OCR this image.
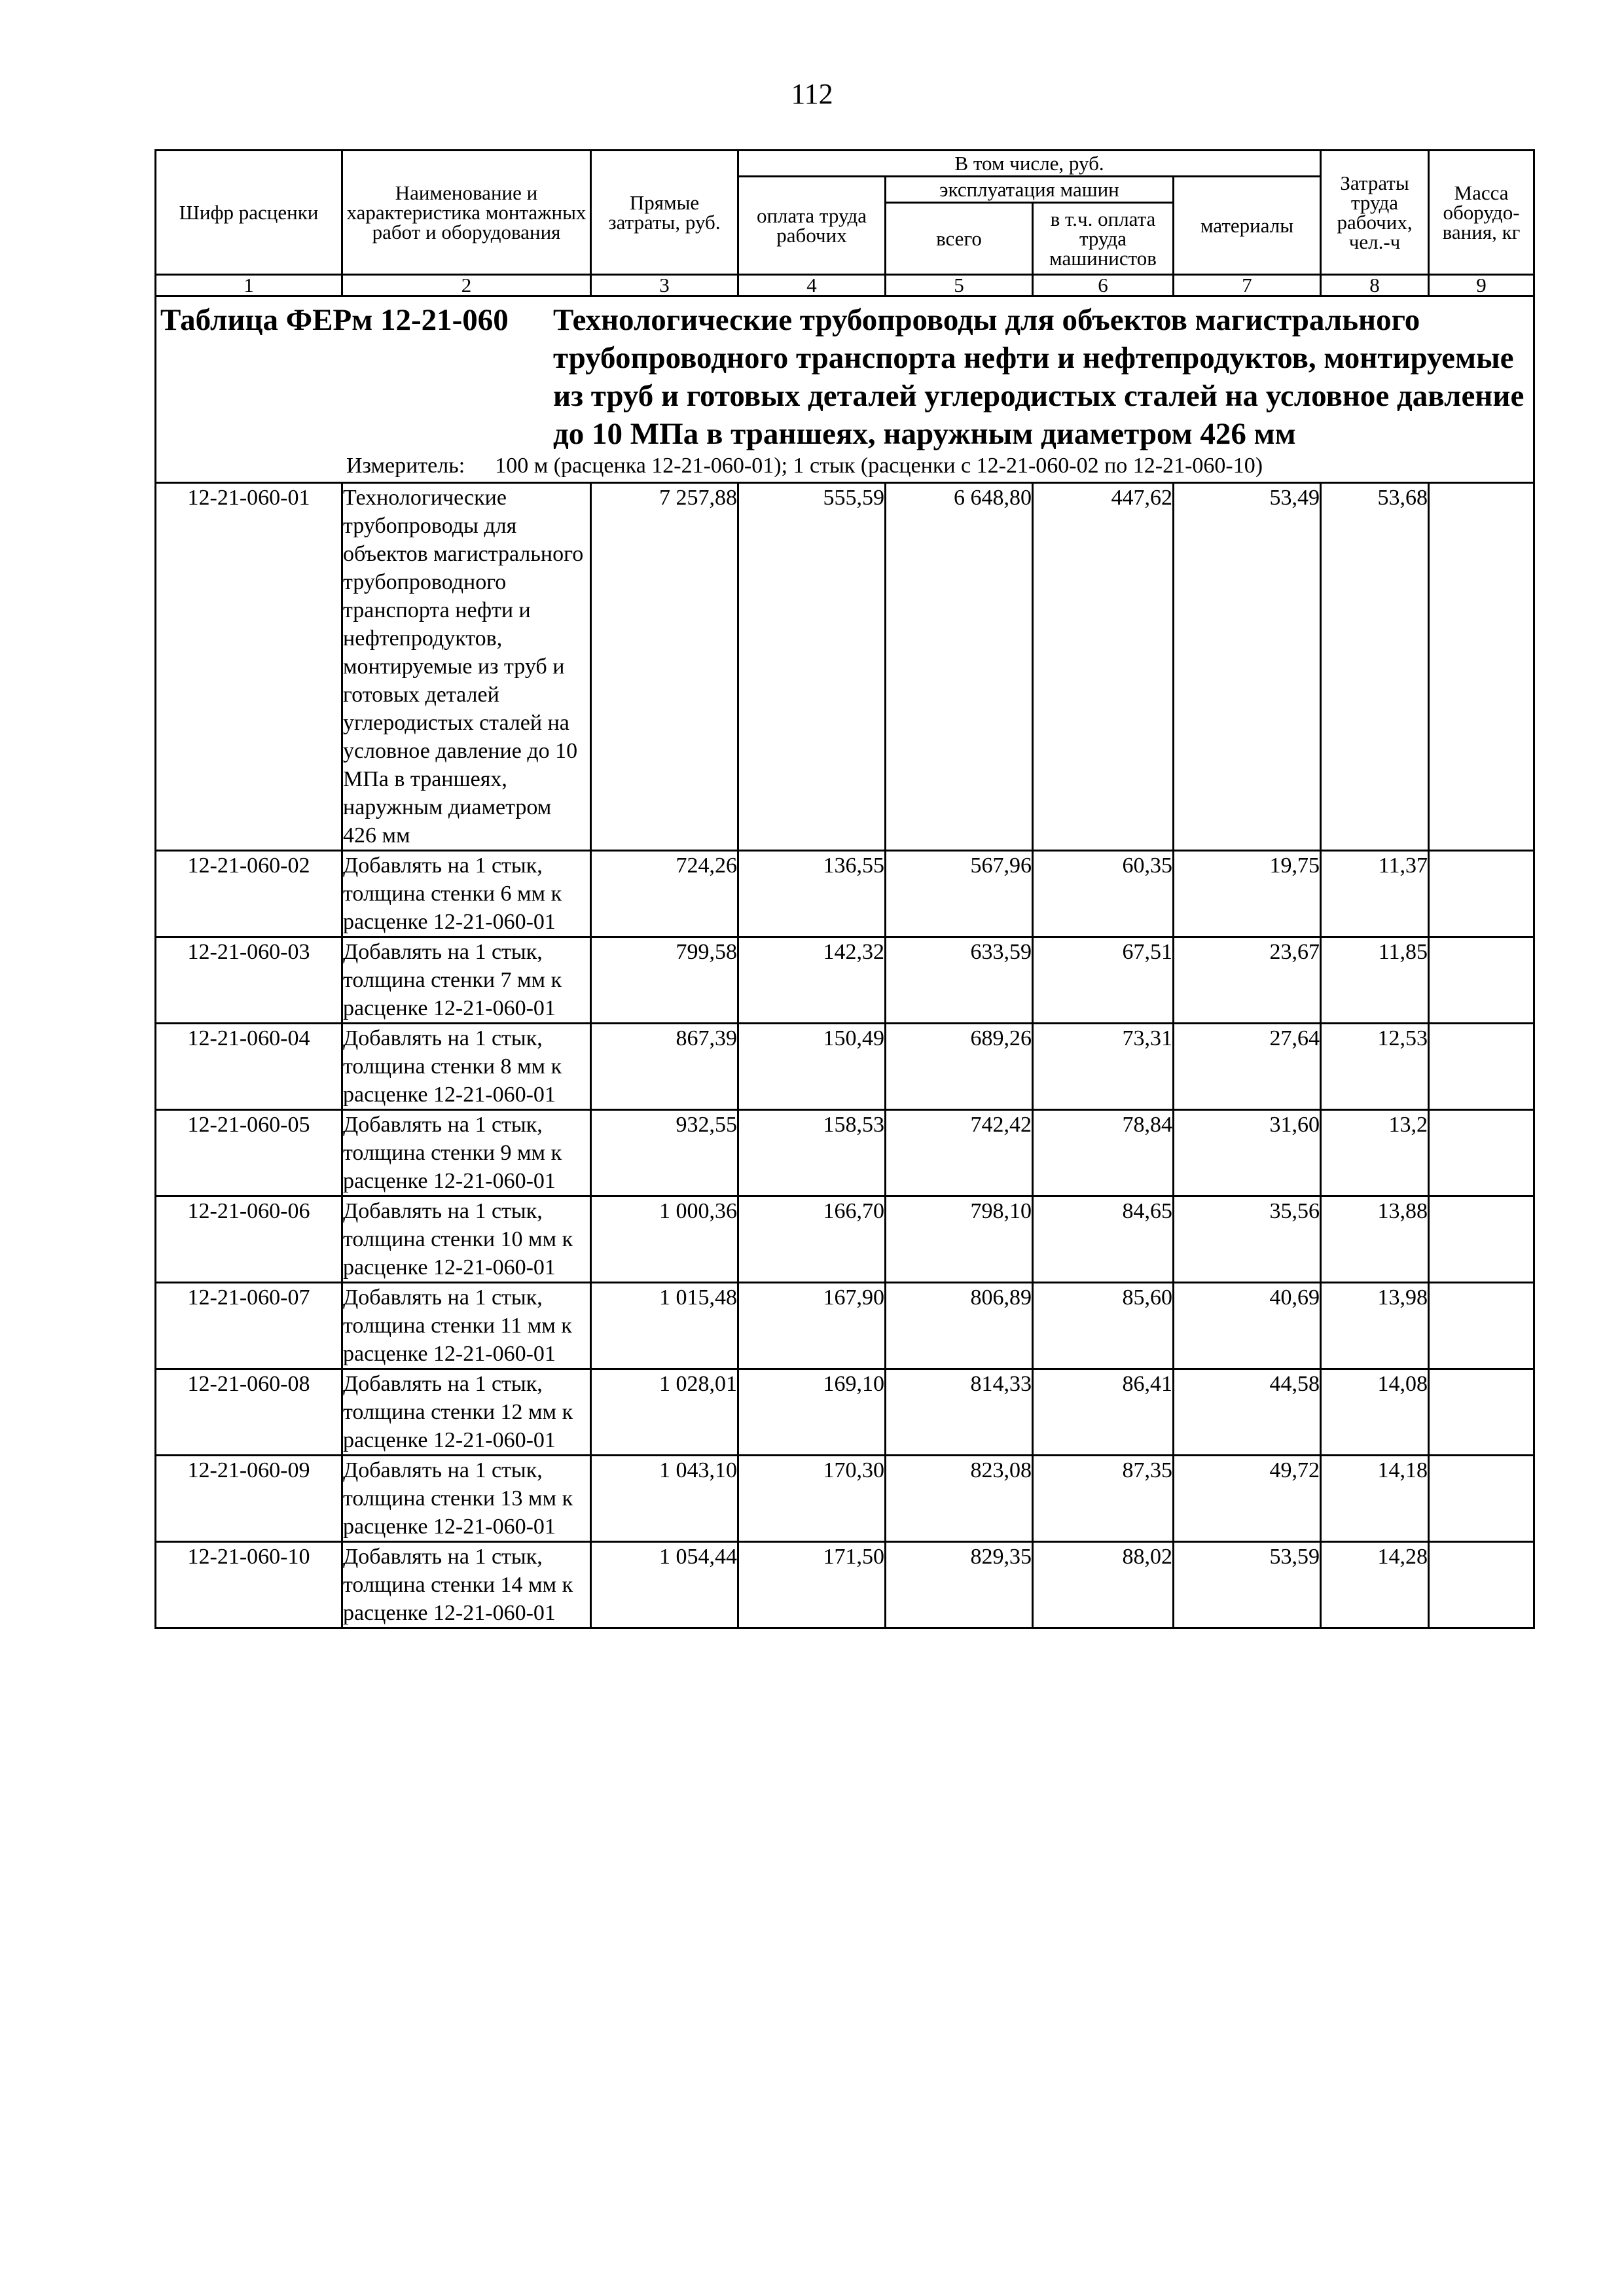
112
Шифр расценки	Наименование и характеристика монтажных работ и оборудования	Прямые затраты, руб.	В том числе, руб.				Затраты труда рабочих, чел.-ч	Масса оборудо-вания, кг
			оплата труда рабочих	эксплуатация машин		материалы		
				всего	в т.ч. оплата труда машинистов			
1	2	3	4	5	6	7	8	9

Таблица ФЕРм 12-21-060 Технологические трубопроводы для объектов магистрального трубопроводного транспорта нефти и нефтепродуктов, монтируемые из труб и готовых деталей углеродистых сталей на условное давление до 10 МПа в траншеях, наружным диаметром 426 мм
Измеритель: 100 м (расценка 12-21-060-01); 1 стык (расценки с 12-21-060-02 по 12-21-060-10)								

12-21-060-01	Технологические трубопроводы для объектов магистрального трубопроводного транспорта нефти и нефтепродуктов, монтируемые из труб и готовых деталей углеродистых сталей на условное давление до 10 МПа в траншеях, наружным диаметром 426 мм	7 257,88	555,59	6 648,80	447,62	53,49	53,68	
12-21-060-02	Добавлять на 1 стык, толщина стенки 6 мм к расценке 12-21-060-01	724,26	136,55	567,96	60,35	19,75	11,37	
12-21-060-03	Добавлять на 1 стык, толщина стенки 7 мм к расценке 12-21-060-01	799,58	142,32	633,59	67,51	23,67	11,85	
12-21-060-04	Добавлять на 1 стык, толщина стенки 8 мм к расценке 12-21-060-01	867,39	150,49	689,26	73,31	27,64	12,53	
12-21-060-05	Добавлять на 1 стык, толщина стенки 9 мм к расценке 12-21-060-01	932,55	158,53	742,42	78,84	31,60	13,2	
12-21-060-06	Добавлять на 1 стык, толщина стенки 10 мм к расценке 12-21-060-01	1 000,36	166,70	798,10	84,65	35,56	13,88	
12-21-060-07	Добавлять на 1 стык, толщина стенки 11 мм к расценке 12-21-060-01	1 015,48	167,90	806,89	85,60	40,69	13,98	
12-21-060-08	Добавлять на 1 стык, толщина стенки 12 мм к расценке 12-21-060-01	1 028,01	169,10	814,33	86,41	44,58	14,08	
12-21-060-09	Добавлять на 1 стык, толщина стенки 13 мм к расценке 12-21-060-01	1 043,10	170,30	823,08	87,35	49,72	14,18	
12-21-060-10	Добавлять на 1 стык, толщина стенки 14 мм к расценке 12-21-060-01	1 054,44	171,50	829,35	88,02	53,59	14,28	
